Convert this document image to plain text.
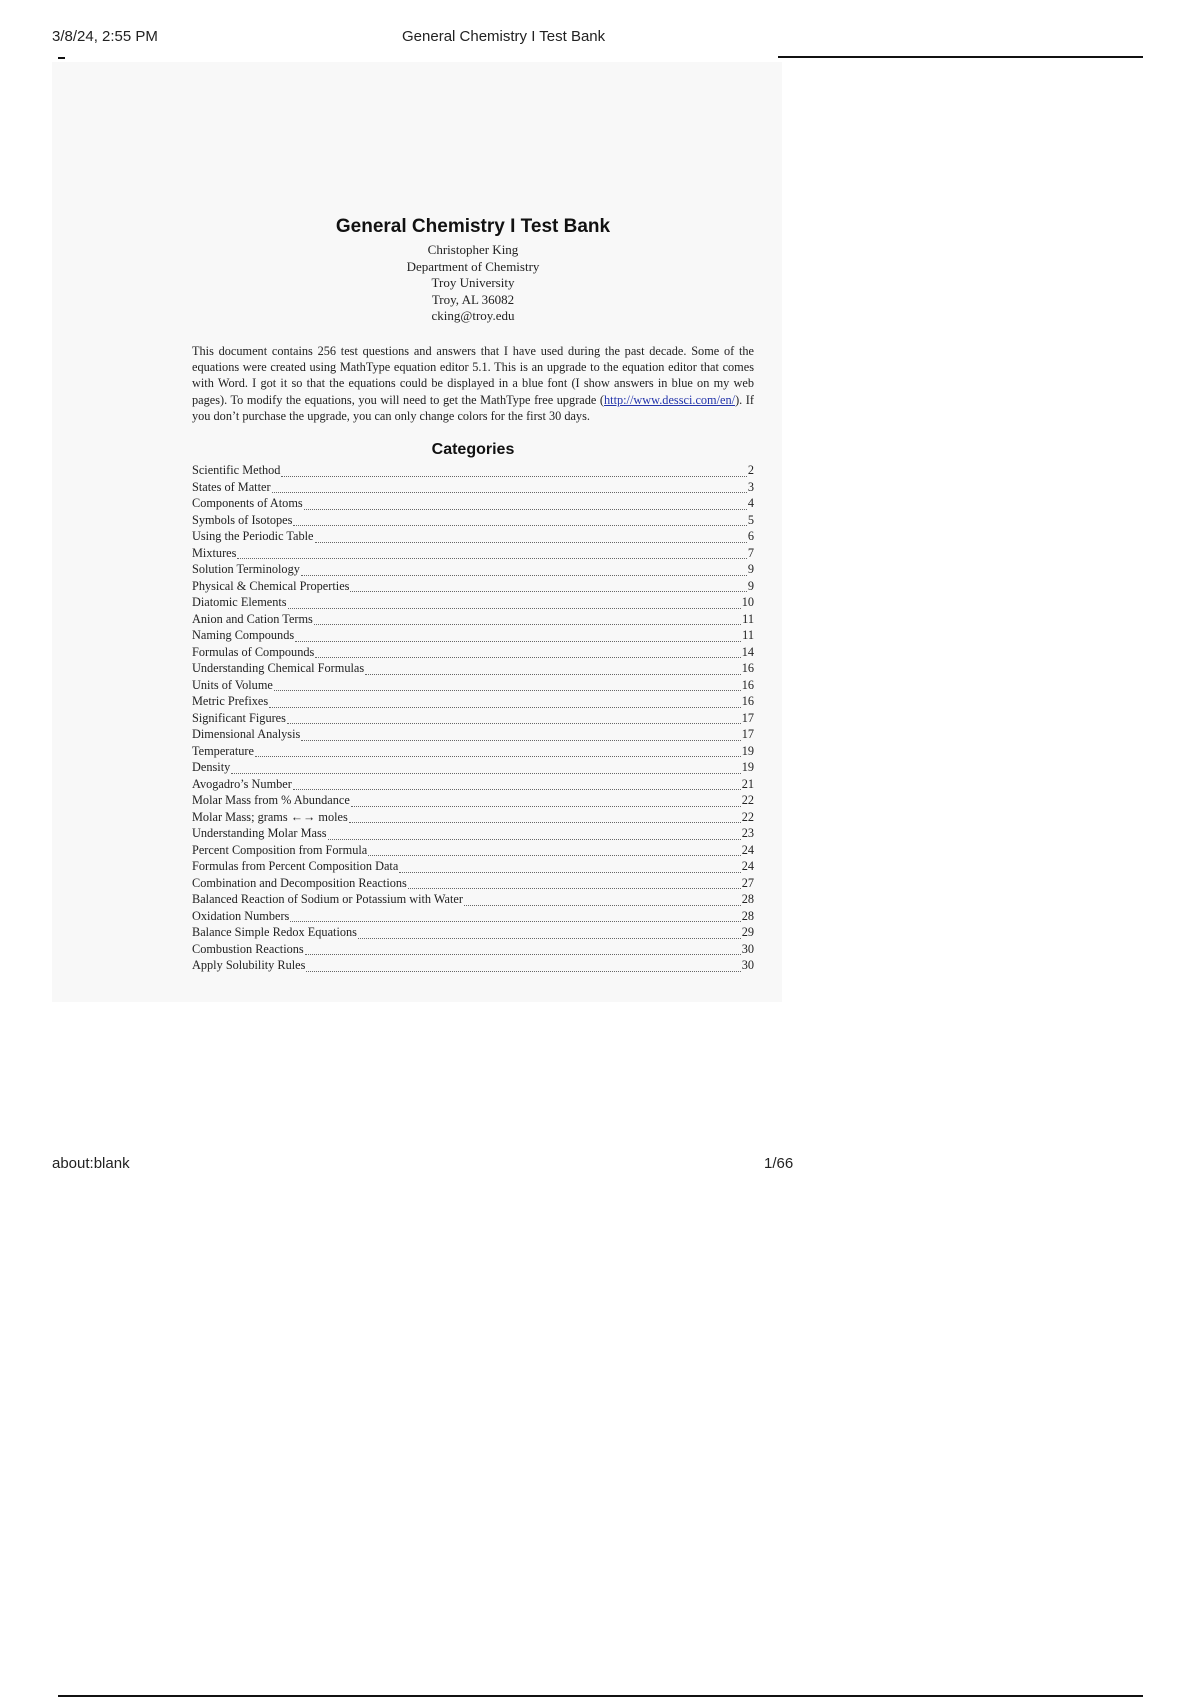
3/8/24, 2:55 PM	General Chemistry I Test Bank
General Chemistry I Test Bank
Christopher King
Department of Chemistry
Troy University
Troy, AL 36082
cking@troy.edu

This document contains 256 test questions and answers that I have used during the past decade. Some of the equations were created using MathType equation editor 5.1. This is an upgrade to the equation editor that comes with Word. I got it so that the equations could be displayed in a blue font (I show answers in blue on my web pages). To modify the equations, you will need to get the MathType free upgrade (http://www.dessci.com/en/). If you don’t purchase the upgrade, you can only change colors for the first 30 days.

Categories
Scientific Method	2
States of Matter	3
Components of Atoms	4
Symbols of Isotopes	5
Using the Periodic Table	6
Mixtures	7
Solution Terminology	9
Physical & Chemical Properties	9
Diatomic Elements	10
Anion and Cation Terms	11
Naming Compounds	11
Formulas of Compounds	14
Understanding Chemical Formulas	16
Units of Volume	16
Metric Prefixes	16
Significant Figures	17
Dimensional Analysis	17
Temperature	19
Density	19
Avogadro’s Number	21
Molar Mass from % Abundance	22
Molar Mass; grams ←→ moles	22
Understanding Molar Mass	23
Percent Composition from Formula	24
Formulas from Percent Composition Data	24
Combination and Decomposition Reactions	27
Balanced Reaction of Sodium or Potassium with Water	28
Oxidation Numbers	28
Balance Simple Redox Equations	29
Combustion Reactions	30
Apply Solubility Rules	30
about:blank	1/66
